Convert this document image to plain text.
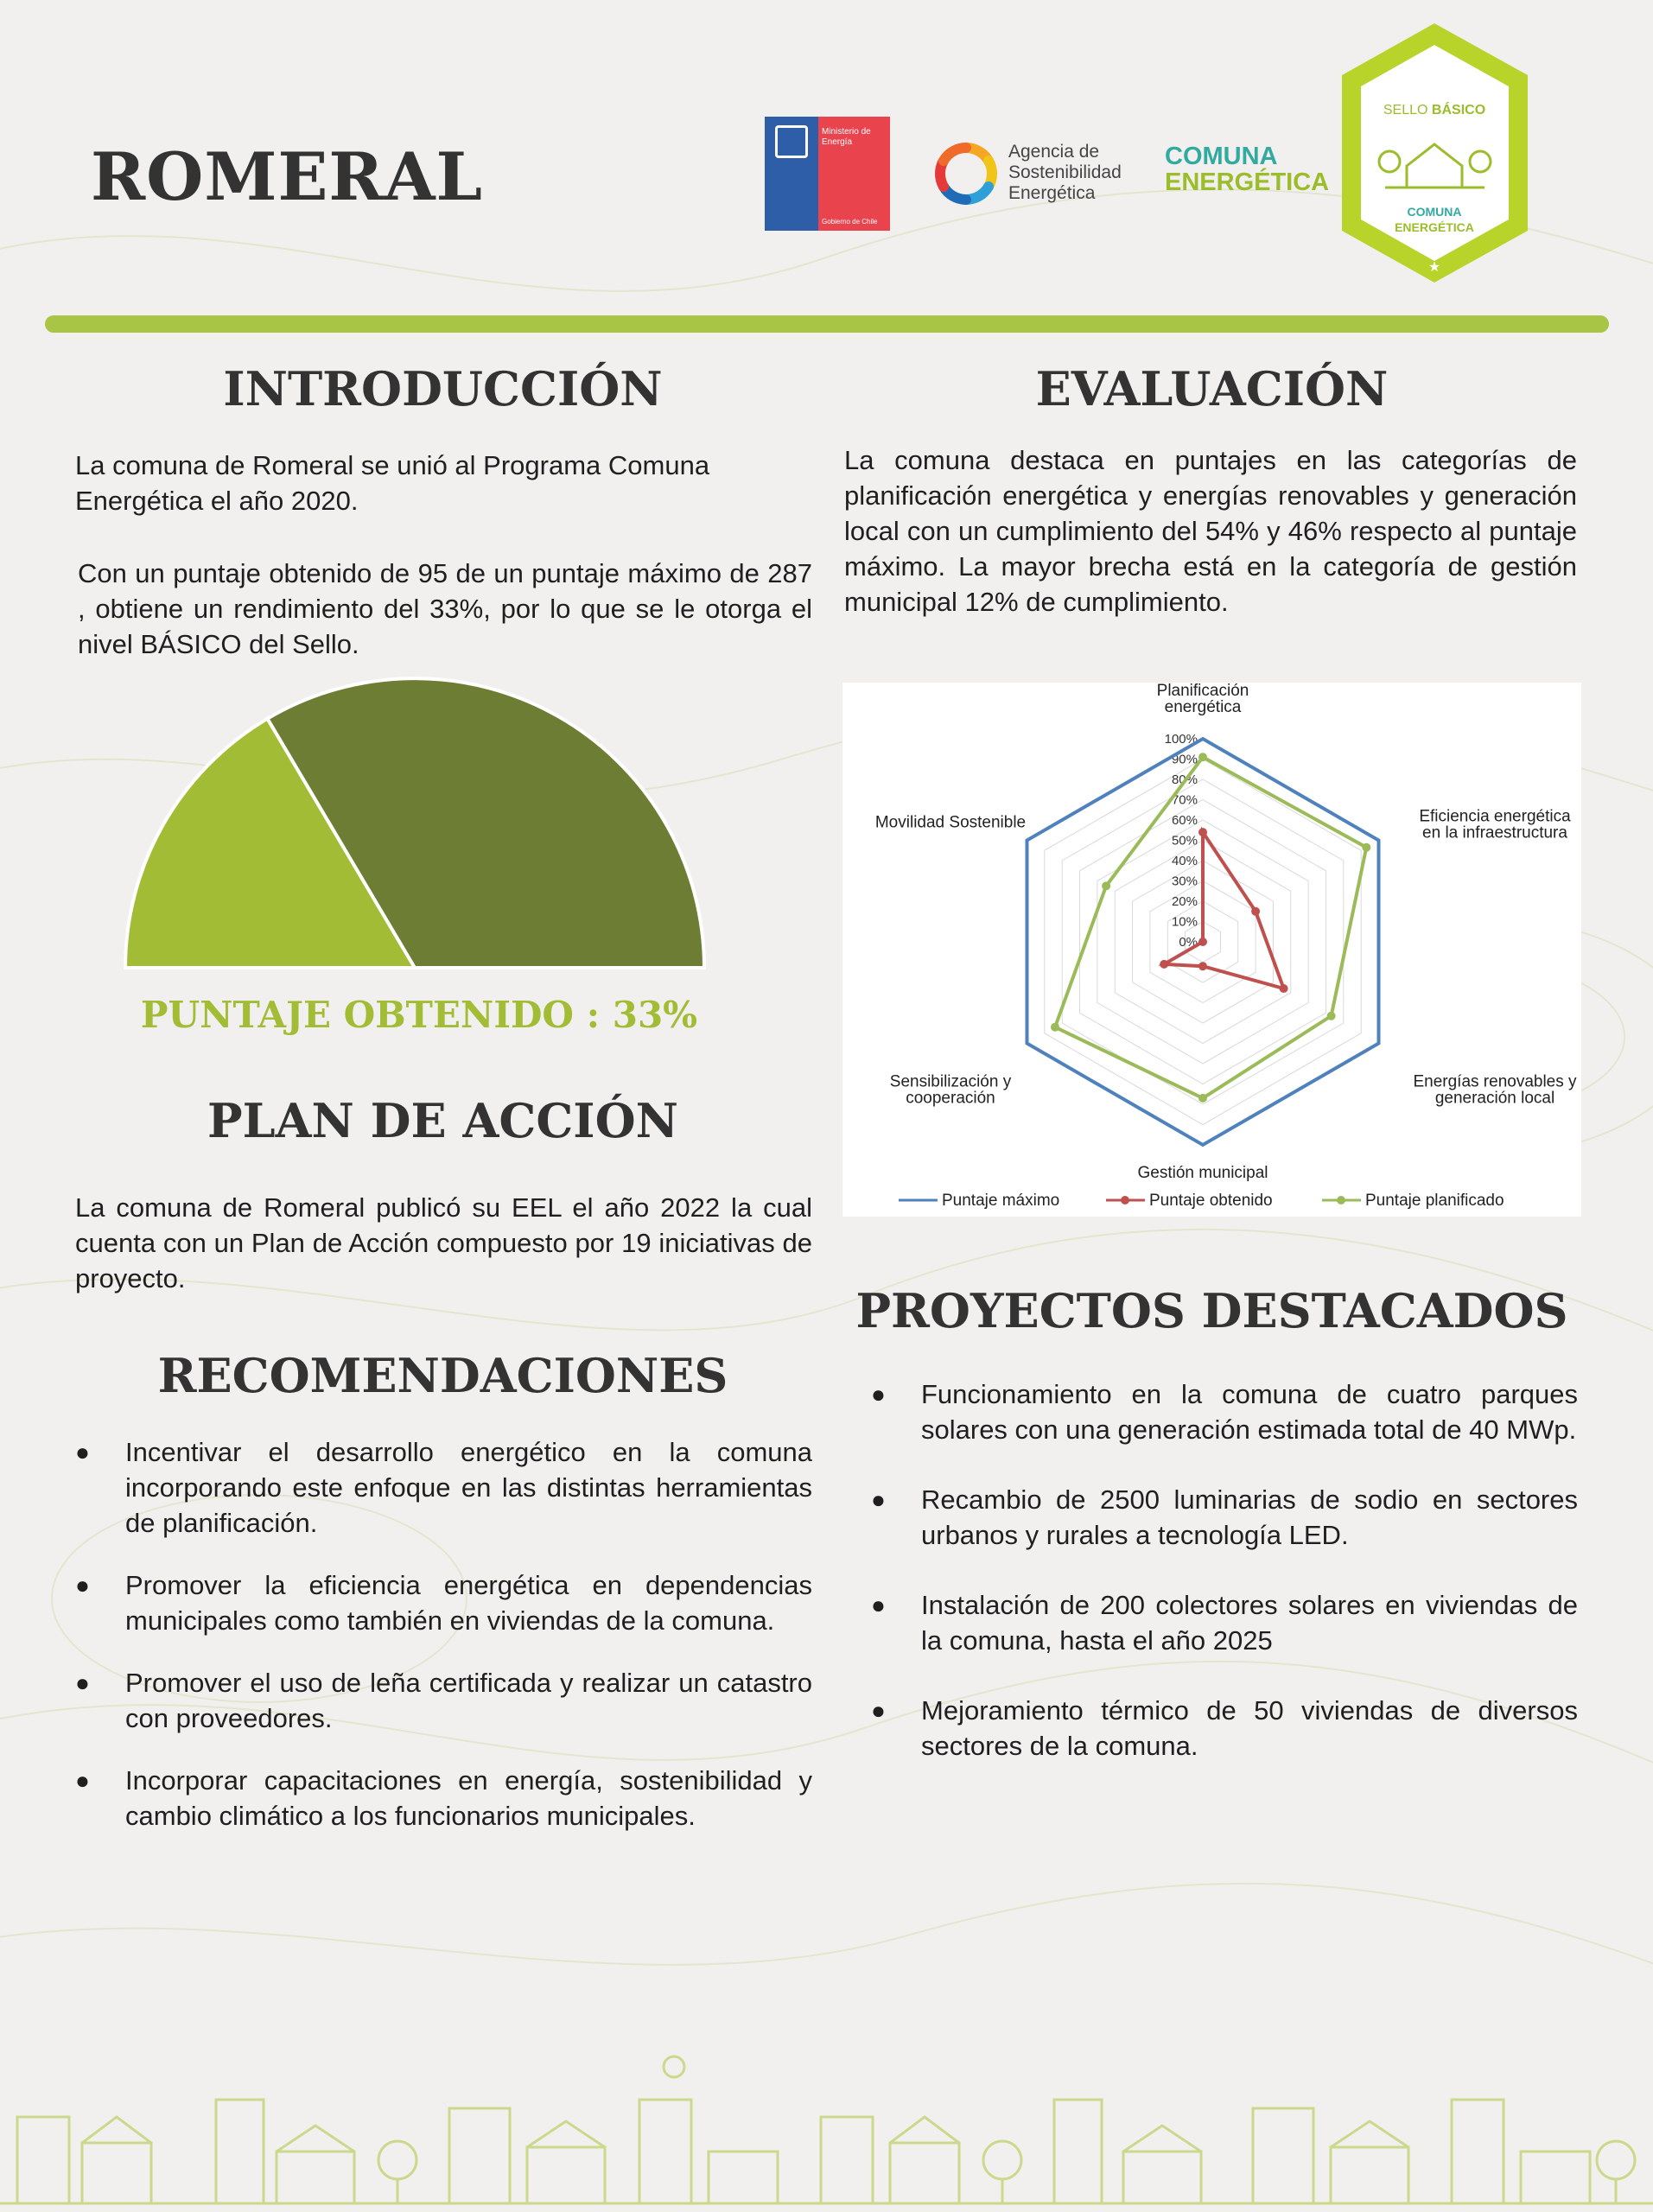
ROMERAL
Ministerio de
Energía
Gobierno de Chile
Agencia de
Sostenibilidad
Energética
COMUNA
ENERGÉTICA
SELLO BÁSICO
COMUNA
ENERGÉTICA
★
INTRODUCCIÓN

La comuna de Romeral se unió al Programa Comuna Energética el año 2020.

Con un puntaje obtenido de 95 de un puntaje máximo de 287 , obtiene un rendimiento del 33%, por lo que se le otorga el nivel BÁSICO del Sello.

PUNTAJE OBTENIDO : 33%
PLAN DE ACCIÓN

La comuna de Romeral publicó su EEL el año 2022 la cual cuenta con un Plan de Acción compuesto por 19 iniciativas de proyecto.

RECOMENDACIONES
● Incentivar el desarrollo energético en la comuna incorporando este enfoque en las distintas herramientas de planificación.
● Promover la eficiencia energética en dependencias municipales como también en viviendas de la comuna.
● Promover el uso de leña certificada y realizar un catastro con proveedores.
● Incorporar capacitaciones en energía, sostenibilidad y cambio climático a los funcionarios municipales.
EVALUACIÓN

La comuna destaca en puntajes en las categorías de planificación energética y energías renovables y generación local con un cumplimiento del 54% y 46% respecto al puntaje máximo. La mayor brecha está en la categoría de gestión municipal 12% de cumplimiento.

0%
10%
20%
30%
40%
50%
60%
70%
80%
90%
100%
Planificación
energética
Eficiencia energética
en la infraestructura
Energías renovables y
generación local
Gestión municipal
Sensibilización y
cooperación
Movilidad Sostenible
Puntaje máximo	Puntaje obtenido	Puntaje planificado
PROYECTOS DESTACADOS
● Funcionamiento en la comuna de cuatro parques solares con una generación estimada total de 40 MWp.
● Recambio de 2500 luminarias de sodio en sectores urbanos y rurales a tecnología LED.
● Instalación de 200 colectores solares en viviendas de la comuna, hasta el año 2025
● Mejoramiento térmico de 50 viviendas de diversos sectores de la comuna.
